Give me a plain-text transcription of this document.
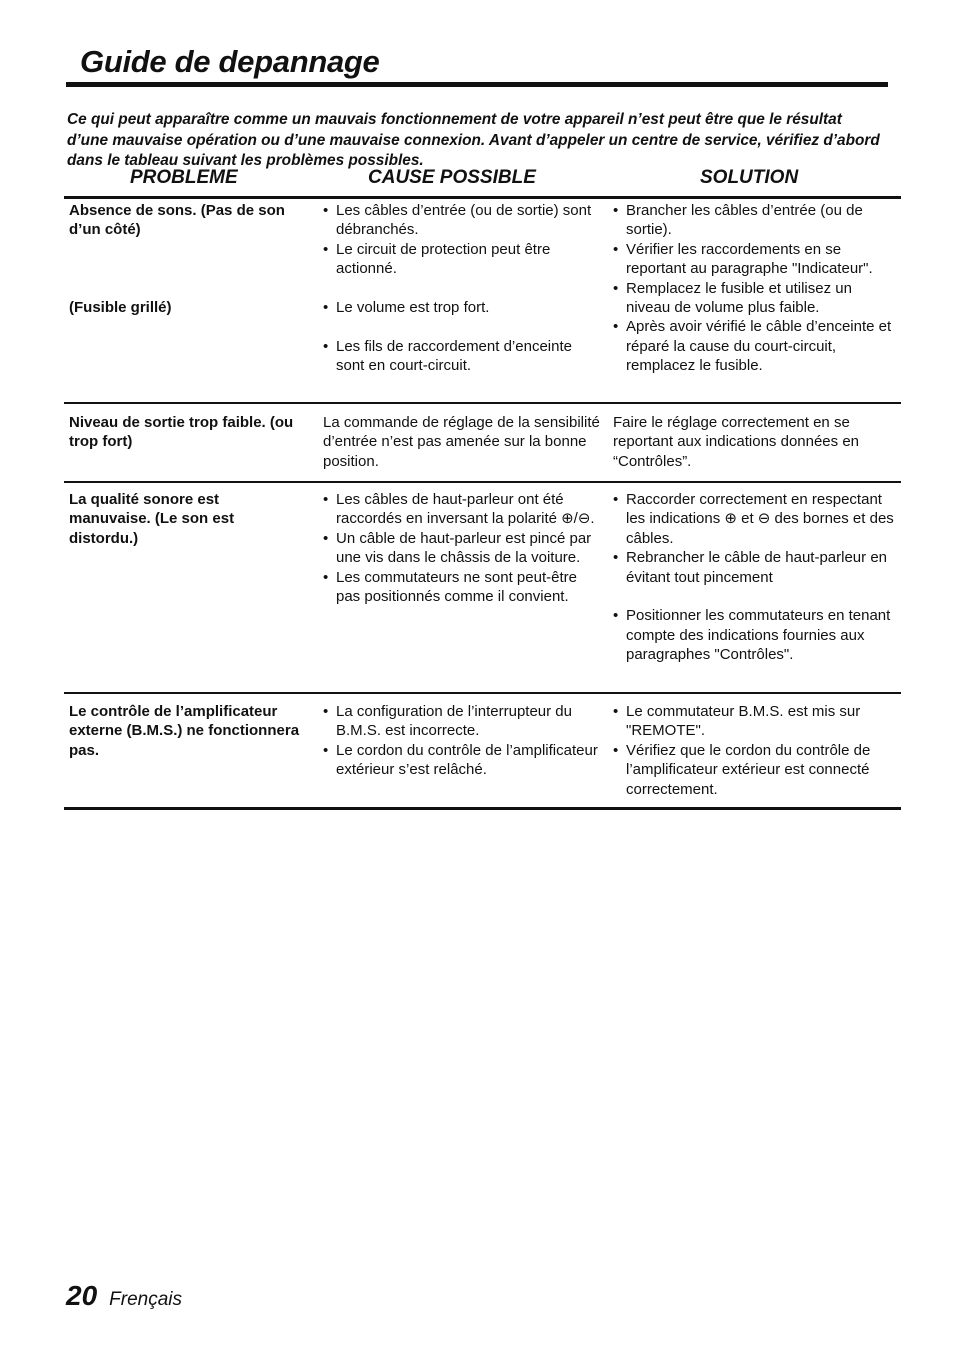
Guide de depannage

Ce qui peut apparaître comme un mauvais fonctionnement de votre appareil n’est peut être que le résultat d’une mauvaise opération ou d’une mauvaise connexion. Avant d’appeler un centre de service, vérifiez d’abord dans le tableau suivant les problèmes possibles.

PROBLEME	CAUSE POSSIBLE	SOLUTION

Absence de sons. (Pas de son d’un côté)

(Fusible grillé)

• Les câbles d’entrée (ou de sortie) sont débranchés.
• Le circuit de protection peut être actionné.
• Le volume est trop fort.
• Les fils de raccordement d’enceinte sont en court-circuit.
• Brancher les câbles d’entrée (ou de sortie).
• Vérifier les raccordements en se reportant au paragraphe "Indicateur".
• Remplacez le fusible et utilisez un niveau de volume plus faible.
• Après avoir vérifié le câble d’enceinte et réparé la cause du court-circuit, remplacez le fusible.
Niveau de sortie trop faible. (ou trop fort)

La commande de réglage de la sensibilité d’entrée n’est pas amenée sur la bonne position.

Faire le réglage correctement en se reportant aux indications données en “Contrôles”.

La qualité sonore est manuvaise. (Le son est distordu.)
• Les câbles de haut-parleur ont été raccordés en inversant la polarité ⊕/⊖.
• Un câble de haut-parleur est pincé par une vis dans le châssis de la voiture.
• Les commutateurs ne sont peut-être pas positionnés comme il convient.
• Raccorder correctement en respectant les indications ⊕ et ⊖ des bornes et des câbles.
• Rebrancher le câble de haut-parleur en évitant tout pincement
• Positionner les commutateurs en tenant compte des indications fournies aux paragraphes "Contrôles".
Le contrôle de l’amplificateur externe (B.M.S.) ne fonctionnera pas.
• La configuration de l’interrupteur du B.M.S. est incorrecte.
• Le cordon du contrôle de l’amplificateur extérieur s’est relâché.
• Le commutateur B.M.S. est mis sur "REMOTE".
• Vérifiez que le cordon du contrôle de l’amplificateur extérieur est connecté correctement.
20 Frençais
